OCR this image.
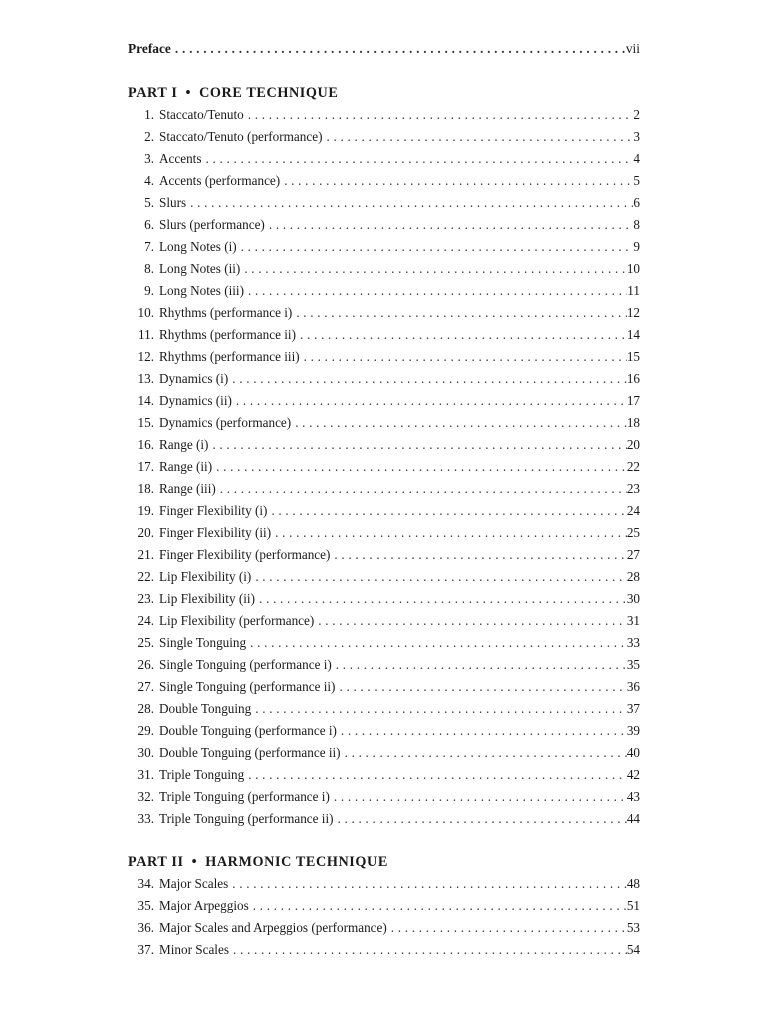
Preface . . .	vii
PART I • CORE TECHNIQUE
1. Staccato/Tenuto . . .	2
2. Staccato/Tenuto (performance) . . .	3
3. Accents . . .	4
4. Accents (performance) . . .	5
5. Slurs . . .	6
6. Slurs (performance) . . .	8
7. Long Notes (i) . . .	9
8. Long Notes (ii) . . .	10
9. Long Notes (iii) . . .	11
10. Rhythms (performance i) . . .	12
11. Rhythms (performance ii) . . .	14
12. Rhythms (performance iii) . . .	15
13. Dynamics (i) . . .	16
14. Dynamics (ii) . . .	17
15. Dynamics (performance) . . .	18
16. Range (i) . . .	20
17. Range (ii) . . .	22
18. Range (iii) . . .	23
19. Finger Flexibility (i) . . .	24
20. Finger Flexibility (ii) . . .	25
21. Finger Flexibility (performance) . . .	27
22. Lip Flexibility (i) . . .	28
23. Lip Flexibility (ii) . . .	30
24. Lip Flexibility (performance) . . .	31
25. Single Tonguing . . .	33
26. Single Tonguing (performance i) . . .	35
27. Single Tonguing (performance ii) . . .	36
28. Double Tonguing . . .	37
29. Double Tonguing (performance i) . . .	39
30. Double Tonguing (performance ii) . . .	40
31. Triple Tonguing . . .	42
32. Triple Tonguing (performance i) . . .	43
33. Triple Tonguing (performance ii) . . .	44
PART II • HARMONIC TECHNIQUE
34. Major Scales . . .	48
35. Major Arpeggios . . .	51
36. Major Scales and Arpeggios (performance) . . .	53
37. Minor Scales . . .	54
